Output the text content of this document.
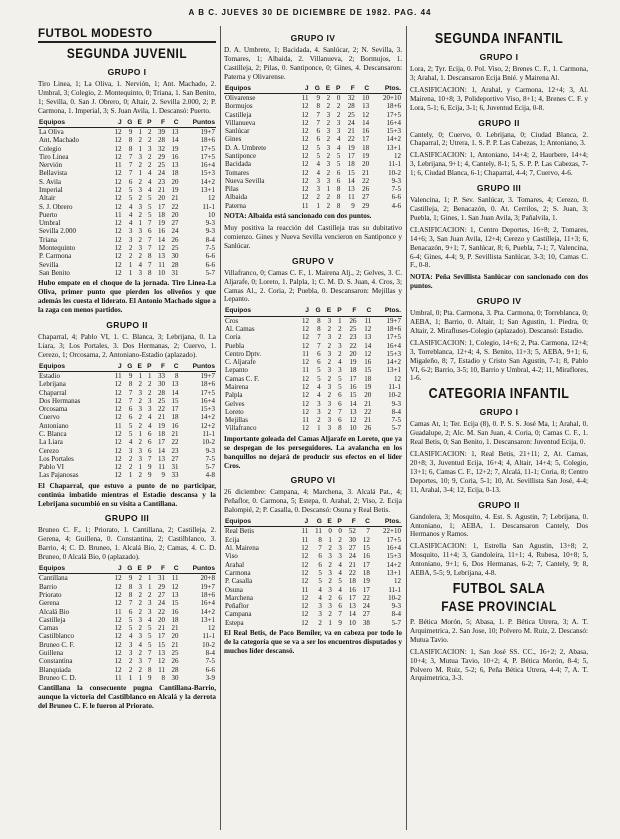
A B C. JUEVES 30 DE DICIEMBRE DE 1982. PAG. 44
FUTBOL MODESTO
SEGUNDA JUVENIL
GRUPO I

Tiro Linea, 1; La Oliva, 1. Nervión, 1; Ant. Machado, 2. Umbral, 3; Colegio, 2. Montequinto, 0; Triana, 1. San Benito, 1; Sevilla, 0. San J. Obrero, 0; Altair, 2. Sevilla 2.000, 2; P. Carmona, 1. Imperial, 3; S. Juan Avila, 1. Descansó: Puerto.

Equipos	J	G	E	P	F	C	Puntos
La Oliva	12	9	1	2	39	13	19+7
Ant. Machado	12	8	2	2	28	14	18+6
Colegio	12	8	1	3	32	19	17+5
Tiro Linea	12	7	3	2	29	16	17+5
Nervión	11	7	2	2	25	13	16+4
Bellavista	12	7	1	4	24	18	15+3
S. Avila	12	6	2	4	23	20	14+2
Imperial	12	5	3	4	21	19	13+1
Altair	12	5	2	5	20	21	12
S. J. Obrero	12	4	3	5	17	22	11-1
Puerto	11	4	2	5	18	20	10
Umbral	12	4	1	7	19	27	9-3
Sevilla 2.000	12	3	3	6	16	24	9-3
Triana	12	3	2	7	14	26	8-4
Montequinto	12	2	3	7	12	25	7-5
P. Carmona	12	2	2	8	13	30	6-6
Sevilla	12	1	4	7	11	28	6-6
San Benito	12	1	3	8	10	31	5-7

Hubo empate en el choque de la jornada. Tiro Linea-La Oliva, primer punto que pierden los oliveños y que además les cuesta el liderato. El Antonio Machado sigue a la zaga con menos partidos.

GRUPO II

Chaparral, 4; Pablo VI, 1. C. Blanca, 3; Lebrijana, 0. La Liara, 3; Los Portales, 3. Dos Hermanas, 2; Cuervo, 1. Cerezo, 1; Orcosama, 2. Antoniano-Estadio (aplazado).

Equipos	J	G	E	P	F	C	Puntos
Estadio	11	9	1	1	33	8	19+7
Lebrijana	12	8	2	2	30	13	18+6
Chaparral	12	7	3	2	28	14	17+5
Dos Hermanas	12	7	2	3	25	15	16+4
Orcosama	12	6	3	3	22	17	15+3
Cuervo	12	6	2	4	21	18	14+2
Antoniano	11	5	2	4	19	16	12+2
C. Blanca	12	5	1	6	18	21	11-1
La Liara	12	4	2	6	17	22	10-2
Cerezo	12	3	3	6	14	23	9-3
Los Portales	12	2	3	7	13	27	7-5
Pablo VI	12	2	1	9	11	31	5-7
Las Pajanosas	12	1	2	9	9	33	4-8

El Chaparral, que estuvo a punto de no participar, continúa imbatido mientras el Estadio descansa y la Lebrijana sucumbió en su visita a Cantillana.

GRUPO III

Bruneo C. F., 1; Priorato, 1. Cantillana, 2; Castilleja, 2. Gerena, 4; Guillena, 0. Constantina, 2; Castilblanco, 3. Barrio, 4; C. D. Bruneo, 1. Alcalá Bio, 2; Camas, 4. C. D. Bruneo, 0 Alcalá Bio, 0 (aplazado).

Equipos	J	G	E	P	F	C	Puntos
Cantillana	12	9	2	1	31	11	20+8
Barrio	12	8	3	1	29	12	19+7
Priorato	12	8	2	2	27	13	18+6
Gerena	12	7	2	3	24	15	16+4
Alcalá Bio	11	6	2	3	22	16	14+2
Castilleja	12	5	3	4	20	18	13+1
Camas	12	5	2	5	21	21	12
Castilblanco	12	4	3	5	17	20	11-1
Bruneo C. F.	12	3	4	5	15	21	10-2
Guillena	12	3	2	7	13	25	8-4
Constantina	12	2	3	7	12	26	7-5
Blanquiada	12	2	2	8	11	28	6-6
Bruneo C. D.	11	1	1	9	8	30	3-9

Cantillana la consecuente pugna Cantillana-Barrio, aunque la victoria del Castilblanco en Alcalá y la derrota del Bruneo C. F. le fueron al Priorato.

GRUPO IV

D. A. Umbrete, 1; Bacidada, 4. Sanlúcar, 2; N. Sevilla, 3. Tomares, 1; Albaida, 2. Villanueva, 2; Bormujos, 1. Castilleja, 2; Pilas, 0. Santiponce, 0; Gines, 4. Descansaron: Paterna y Olivarense.

Equipos	J	G	E	P	F	C	Ptos.
Olivarense	11	9	2	0	32	10	20+10
Bormujos	12	8	2	2	28	13	18+6
Castilleja	12	7	3	2	25	12	17+5
Villanueva	12	7	2	3	24	14	16+4
Sanlúcar	12	6	3	3	21	16	15+3
Gines	12	6	2	4	22	17	14+2
D. A. Umbrete	12	5	3	4	19	18	13+1
Santiponce	12	5	2	5	17	19	12
Bacidada	12	4	3	5	18	20	11-1
Tomares	12	4	2	6	15	21	10-2
Nueva Sevilla	12	3	3	6	14	22	9-3
Pilas	12	3	1	8	13	26	7-5
Albaida	12	2	2	8	11	27	6-6
Paterna	11	1	2	8	9	29	4-6

NOTA: Albaida está sancionado con dos puntos.

Muy positiva la reacción del Castilleja tras su dubitativo comienzo. Gines y Nueva Sevilla vencieron en Santiponce y Sanlúcar.

GRUPO V

Villafranco, 0; Camas C. F., 1. Mairena Alj., 2; Gelves, 3. C. Aljarafe, 0; Loreto, 1. Palpla, 1; C. M. D. S. Juan, 4. Cros, 3; Camas Al., 2. Coria, 2; Puebla, 0. Descansaron: Mejillas y Lepanto.

Equipos	J	G	E	P	F	C	Ptos.
Cros	12	8	3	1	26	11	19+7
Al. Camas	12	8	2	2	25	12	18+6
Coria	12	7	3	2	23	13	17+5
Puebla	12	7	2	3	22	14	16+4
Centro Dptv.	11	6	3	2	20	12	15+3
C. Aljarafe	12	6	2	4	19	16	14+2
Lepanto	11	5	3	3	18	15	13+1
Camas C. F.	12	5	2	5	17	18	12
Mairena	12	4	3	5	16	19	11-1
Palpla	12	4	2	6	15	20	10-2
Gelves	12	3	3	6	14	21	9-3
Loreto	12	3	2	7	13	22	8-4
Mejillas	11	2	3	6	12	21	7-5
Villafranco	12	1	3	8	10	26	5-7

Importante goleada del Camas Aljarafe en Loreto, que ya se despegan de los perseguidores. La avalancha en los banquillos no dejará de producir sus efectos en el líder Cros.

GRUPO VI

26 diciembre: Campana, 4; Marchena, 3. Alcalá Pat., 4; Peñaflor, 0. Carmona, 5; Estepa, 0. Arahal, 2; Viso, 2. Ecija Balompié, 2; P. Casalla, 0. Descansó: Osuna y Real Betis.

Equipos	J	G	E	P	F	C	Ptos.
Real Betis	11	11	0	0	52	7	22+10
Ecija	11	8	1	2	30	12	17+5
Al. Mairena	12	7	2	3	27	15	16+4
Viso	12	6	3	3	24	16	15+3
Arahal	12	6	2	4	21	17	14+2
Carmona	12	5	3	4	22	18	13+1
P. Casalla	12	5	2	5	18	19	12
Osuna	11	4	3	4	16	17	11-1
Marchena	12	4	2	6	17	22	10-2
Peñaflor	12	3	3	6	13	24	9-3
Campana	12	3	2	7	14	27	8-4
Estepa	12	2	1	9	10	38	5-7

El Real Betis, de Paco Bemiler, va en cabeza por todo lo de la categoría que se va a ser los encuentros disputados y muchos líder descansó.

SEGUNDA INFANTIL
GRUPO I

Lora, 2; Tyr. Ecija, 0. Pol. Viso, 2; Brenes C. F., 1. Carmona, 3; Arahal, 1. Descansaron Ecija Bnié. y Mairena Al.

CLASIFICACION: 1, Arahal, y Carmona, 12+4; 3, Al. Mairena, 10+8; 3, Polideportivo Viso, 8+1; 4, Brenes C. F. y Lora, 5-1; 6, Ecija, 3-1; 6, Juventud Ecija, 0-8.

GRUPO II

Cantely, 0; Cuervo, 0. Lebrijana, 0; Ciudad Blanca, 2. Chaparral, 2; Utrera, 1. S. P. P. Las Cabezas, 1; Antoniano, 3.

CLASIFICACION: 1, Antoniano, 14+4; 2, Haurbere, 14+4; 3, Lebrijana, 9+1; 4, Cantely, 8-1; 5, S. P. P. Las Cabezas, 7-1; 6, Ciudad Blanca, 6-1; Chaparral, 4-4; 7, Cuervo, 4-6.

GRUPO III

Valencina, 1; P. Sev. Sanlúcar, 3. Tomares, 4; Cerezo, 0. Castilleja, 2; Benacazón, 0. At. Cerrilos, 2; S. Juan, 3; Puebla, 1; Gines, 1. San Juan Avila, 3; Pañalvila, 1.

CLASIFICACION: 1, Centro Deportes, 16+8; 2, Tomares, 14+6; 3, San Juan Avila, 12+4; Cerezo y Castilleja, 11+3; 6, Benacazón, 9+1; 7, Sanlúcar, 8; 6, Puebla, 7-1; 7, Valencina, 6-4; Gines, 4-4; 9, P. Sevillista Sanlúcar, 3-3; 10, Camas C. F., 0-8.

NOTA: Peña Sevillista Sanlúcar con sancionado con dos puntos.

GRUPO IV

Umbral, 0; Pta. Carmona, 3. Pta. Carmona, 0; Torreblanca, 0; AEBA, 1; Barrio, 0. Altair, 1; San Agustin, 1. Piedra, 0; Altair, 2. Mirafluses-Colegio (aplazado). Descansó: Estadio.

CLASIFICACION: 1, Colegio, 14+6; 2, Pta. Carmona, 12+4; 3, Torreblanca, 12+4; 4, S. Benito, 11+3; 5, AEBA, 9+1; 6, Migaleño, 8; 7, Estadio y Cristo San Agustin, 7-1; 8, Pablo VI, 6-2; Barrio, 3-5; 10, Barrio y Umbral, 4-2; 11, Miraflores, 1-6.

CATEGORIA INFANTIL
GRUPO I

Camas At, 1; Ter. Ecija (8), 0. P. S. S. José Ma, 1; Arahal, 0. Guadalupe, 2; Alc. M. San Juan, 4. Coria, 0; Camas C. F., 1. Real Betis, 0; San Benito, 1. Descansaron: Juventud Ecija, 0.

CLASIFICACION: 1, Real Betis, 21+11; 2, At. Camas, 20+8; 3, Juventud Ecija, 16+4; 4, Altair, 14+4; 5, Colegio, 13+1; 6, Camas C. F., 12+2; 7, Alcalá, 11-1; Coria, 8; Centro Deportes, 10; 9, Coria, 5-1; 10, At. Sevillista San José, 4-4; 11, Arahal, 3-4; 12, Ecija, 0-13.

GRUPO II

Gandolera, 3; Mosquito, 4. Est. S. Agustin, 7; Lebrijana, 0. Antoniano, 1; AEBA, 1. Descansaron Cantely, Dos Hermanos y Ramos.

CLASIFICACION: 1, Estrella San Agustin, 13+8; 2, Mosquito, 11+4; 3, Gandoleira, 11+1; 4, Rubesa, 10+8; 5, Antoniano, 9+1; 6, Dos Hermanas, 6-2; 7, Cantely, 9; 8, AEBA, 5-5; 9, Lebrijana, 4-8.

FUTBOL SALA
FASE PROVINCIAL

P. Bética Morón, 5; Abasa, 1. P. Bética Utrera, 3; A. T. Arquimetrica, 2. San Jose, 10; Polvero M. Ruiz, 2. Descansó: Mutua Tavio.

CLASIFICACION: 1, San José SS. CC., 16+2; 2, Abasa, 10+4; 3, Mutua Tavio, 10+2; 4, P. Bética Morón, 8-4; 5, Polvero M. Ruiz, 5-2; 6, Peña Bética Utrera, 4-4; 7, A. T. Arquimetrica, 3-3.
